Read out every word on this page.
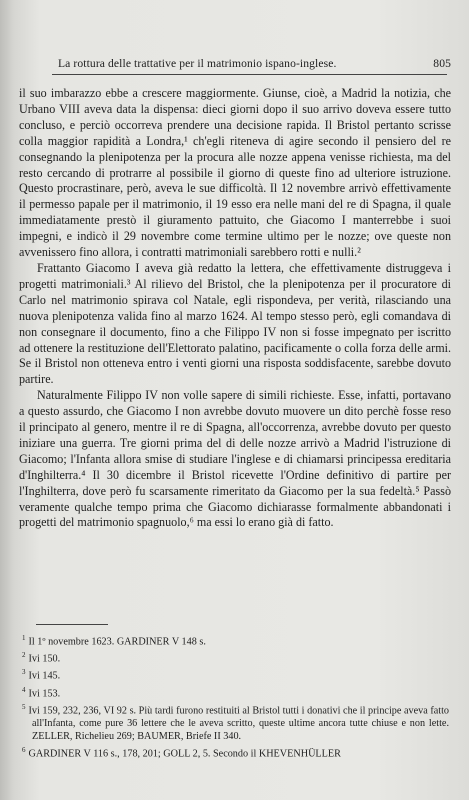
La rottura delle trattative per il matrimonio ispano-inglese.	805

il suo imbarazzo ebbe a crescere maggiormente. Giunse, cioè, a Madrid la notizia, che Urbano VIII aveva data la dispensa: dieci giorni dopo il suo arrivo doveva essere tutto concluso, e perciò occorreva prendere una decisione rapida. Il Bristol pertanto scrisse colla maggior rapidità a Londra,¹ ch'egli riteneva di agire secondo il pensiero del re consegnando la plenipotenza per la procura alle nozze appena venisse richiesta, ma del resto cercando di protrarre al possibile il giorno di queste fino ad ulteriore istruzione. Questo procrastinare, però, aveva le sue difficoltà. Il 12 novembre arrivò effettivamente il permesso papale per il matrimonio, il 19 esso era nelle mani del re di Spagna, il quale immediatamente prestò il giuramento pattuito, che Giacomo I manterrebbe i suoi impegni, e indicò il 29 novembre come termine ultimo per le nozze; ove queste non avvenissero fino allora, i contratti matrimoniali sarebbero rotti e nulli.²

Frattanto Giacomo I aveva già redatto la lettera, che effettivamente distruggeva i progetti matrimoniali.³ Al rilievo del Bristol, che la plenipotenza per il procuratore di Carlo nel matrimonio spirava col Natale, egli rispondeva, per verità, rilasciando una nuova plenipotenza valida fino al marzo 1624. Al tempo stesso però, egli comandava di non consegnare il documento, fino a che Filippo IV non si fosse impegnato per iscritto ad ottenere la restituzione dell'Elettorato palatino, pacificamente o colla forza delle armi. Se il Bristol non otteneva entro i venti giorni una risposta soddisfacente, sarebbe dovuto partire.

Naturalmente Filippo IV non volle sapere di simili richieste. Esse, infatti, portavano a questo assurdo, che Giacomo I non avrebbe dovuto muovere un dito perchè fosse reso il principato al genero, mentre il re di Spagna, all'occorrenza, avrebbe dovuto per questo iniziare una guerra. Tre giorni prima del di delle nozze arrivò a Madrid l'istruzione di Giacomo; l'Infanta allora smise di studiare l'inglese e di chiamarsi principessa ereditaria d'Inghilterra.⁴ Il 30 dicembre il Bristol ricevette l'Ordine definitivo di partire per l'Inghilterra, dove però fu scarsamente rimeritato da Giacomo per la sua fedeltà.⁵ Passò veramente qualche tempo prima che Giacomo dichiarasse formalmente abbandonati i progetti del matrimonio spagnuolo,⁶ ma essi lo erano già di fatto.

$^1$ Il 1º novembre 1623. GARDINER V 148 s.

$^2$ Ivi 150.

$^3$ Ivi 145.

$^4$ Ivi 153.

$^5$ Ivi 159, 232, 236, VI 92 s. Più tardi furono restituiti al Bristol tutti i donativi che il principe aveva fatto all'Infanta, come pure 36 lettere che le aveva scritto, queste ultime ancora tutte chiuse e non lette. ZELLER, Richelieu 269; BAUMER, Briefe II 340.

$^6$ GARDINER V 116 s., 178, 201; GOLL 2, 5. Secondo il KHEVENHÜLLER
